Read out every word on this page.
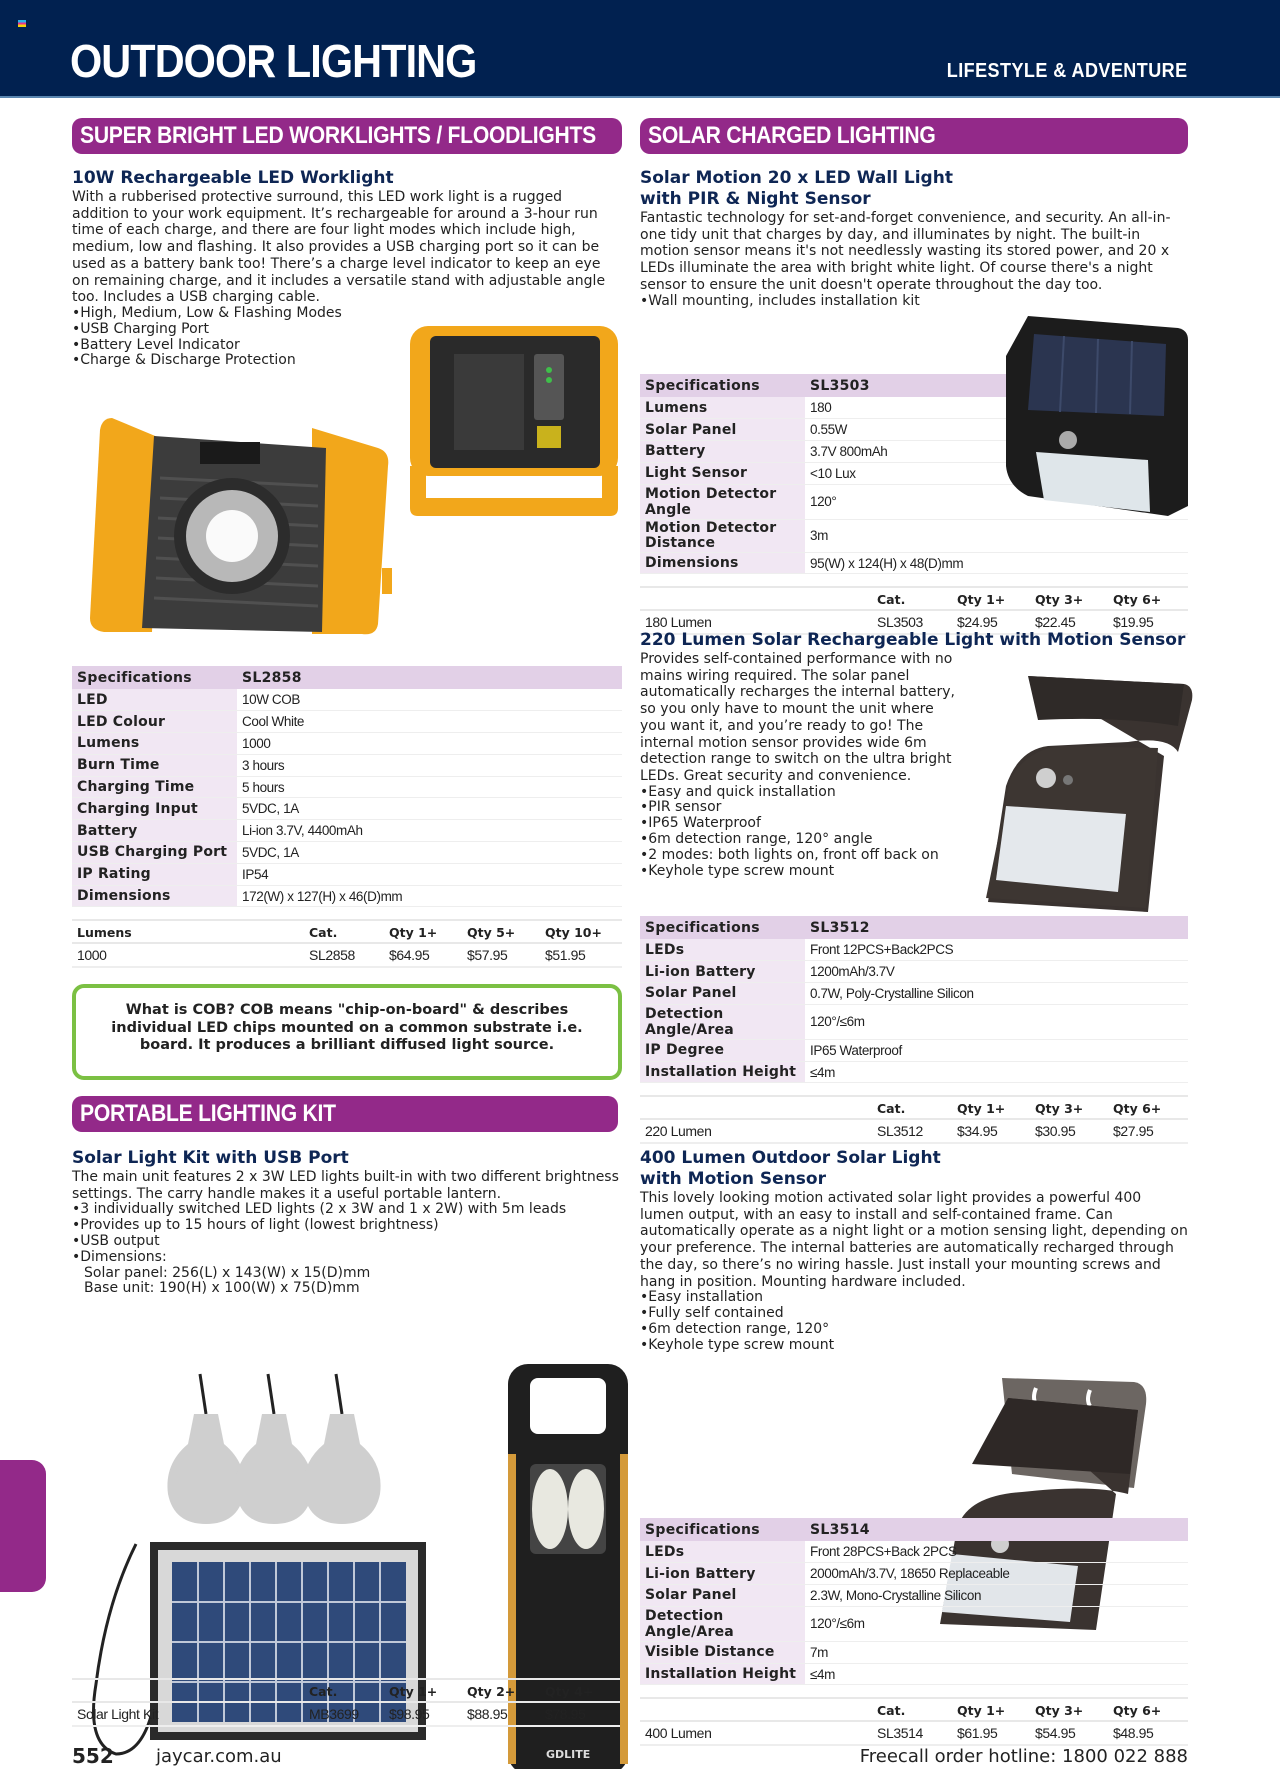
OUTDOOR LIGHTING	LIFESTYLE & ADVENTURE
SUPER BRIGHT LED WORKLIGHTS / FLOODLIGHTS
10W Rechargeable LED Worklight

With a rubberised protective surround, this LED work light is a rugged addition to your work equipment. It’s rechargeable for around a 3-hour run time of each charge, and there are four light modes which include high, medium, low and flashing. It also provides a USB charging port so it can be used as a battery bank too! There’s a charge level indicator to keep an eye on remaining charge, and it includes a versatile stand with adjustable angle too. Includes a USB charging cable.

• High, Medium, Low & Flashing Modes
• USB Charging Port
• Battery Level Indicator
• Charge & Discharge Protection
Specifications	SL2858
LED	10W COB
LED Colour	Cool White
Lumens	1000
Burn Time	3 hours
Charging Time	5 hours
Charging Input	5VDC, 1A
Battery	Li-ion 3.7V, 4400mAh
USB Charging Port	5VDC, 1A
IP Rating	IP54
Dimensions	172(W) x 127(H) x 46(D)mm
Lumens	Cat.	Qty 1+	Qty 5+	Qty 10+
1000	SL2858	$64.95	$57.95	$51.95
What is COB? COB means "chip-on-board" & describes individual LED chips mounted on a common substrate i.e. board. It produces a brilliant diffused light source.
PORTABLE LIGHTING KIT
Solar Light Kit with USB Port

The main unit features 2 x 3W LED lights built-in with two different brightness settings. The carry handle makes it a useful portable lantern.

• 3 individually switched LED lights (2 x 3W and 1 x 2W) with 5m leads
• Provides up to 15 hours of light (lowest brightness)
• USB output
• Dimensions:
Solar panel: 256(L) x 143(W) x 15(D)mm
Base unit: 190(H) x 100(W) x 75(D)mm
GDLITE
SOLAR CHARGED LIGHTING
Solar Motion 20 x LED Wall Light
with PIR & Night Sensor

Fantastic technology for set-and-forget convenience, and security. An all-in-one tidy unit that charges by day, and illuminates by night. The built-in motion sensor means it's not needlessly wasting its stored power, and 20 x LEDs illuminate the area with bright white light. Of course there's a night sensor to ensure the unit doesn't operate throughout the day too.

• Wall mounting, includes installation kit
Specifications	SL3503
Lumens	180
Solar Panel	0.55W
Battery	3.7V 800mAh
Light Sensor	<10 Lux
Motion Detector Angle	120°
Motion Detector Distance	3m
Dimensions	95(W) x 124(H) x 48(D)mm
	Cat.	Qty 1+	Qty 3+	Qty 6+
180 Lumen	SL3503	$24.95	$22.45	$19.95
220 Lumen Solar Rechargeable Light with Motion Sensor

Provides self-contained performance with no mains wiring required. The solar panel automatically recharges the internal battery, so you only have to mount the unit where you want it, and you’re ready to go! The internal motion sensor provides wide 6m detection range to switch on the ultra bright LEDs. Great security and convenience.

• Easy and quick installation
• PIR sensor
• IP65 Waterproof
• 6m detection range, 120° angle
• 2 modes: both lights on, front off back on
• Keyhole type screw mount
Specifications	SL3512
LEDs	Front 12PCS+Back2PCS
Li-ion Battery	1200mAh/3.7V
Solar Panel	0.7W, Poly-Crystalline Silicon
Detection Angle/Area	120°/≤6m
IP Degree	IP65 Waterproof
Installation Height	≤4m
	Cat.	Qty 1+	Qty 3+	Qty 6+
220 Lumen	SL3512	$34.95	$30.95	$27.95
400 Lumen Outdoor Solar Light
with Motion Sensor

This lovely looking motion activated solar light provides a powerful 400 lumen output, with an easy to install and self-contained frame. Can automatically operate as a night light or a motion sensing light, depending on your preference. The internal batteries are automatically recharged through the day, so there’s no wiring hassle. Just install your mounting screws and hang in position. Mounting hardware included.

• Easy installation
• Fully self contained
• 6m detection range, 120°
• Keyhole type screw mount
Specifications	SL3514
LEDs	Front 28PCS+Back 2PCS
Li-ion Battery	2000mAh/3.7V, 18650 Replaceable
Solar Panel	2.3W, Mono-Crystalline Silicon
Detection Angle/Area	120°/≤6m
Visible Distance	7m
Installation Height	≤4m
	Cat.	Qty 1+	Qty 3+	Qty 6+
400 Lumen	SL3514	$61.95	$54.95	$48.95
	Cat.	Qty 1+	Qty 2+	Qty 4+
Solar Light Kit	MB3699	$98.95	$88.95	$78.95
552 jaycar.com.au	Freecall order hotline: 1800 022 888
